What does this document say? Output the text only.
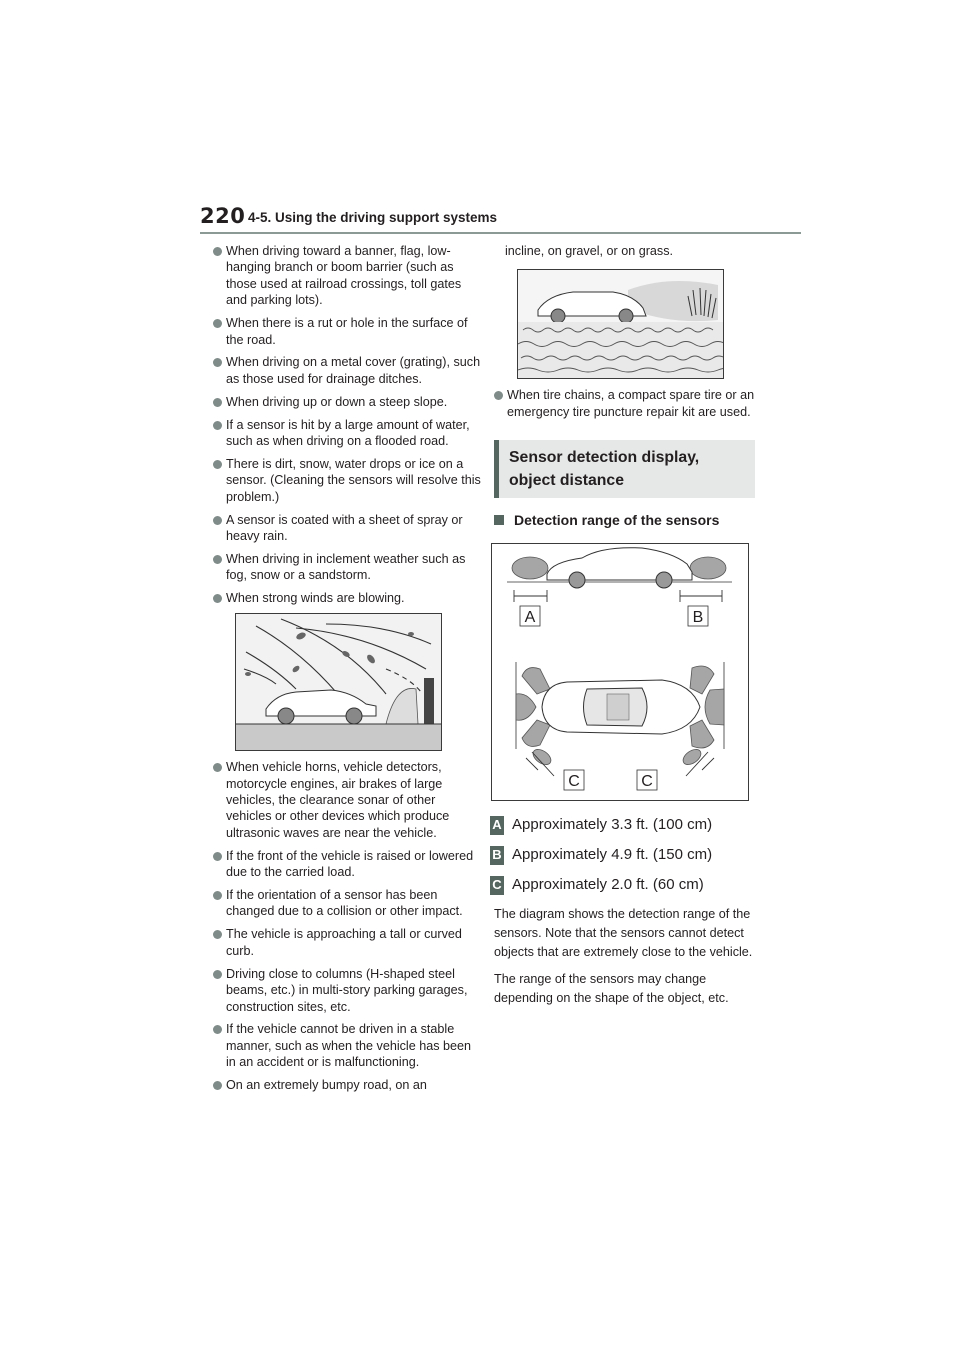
220 4-5. Using the driving support systems
When driving toward a banner, flag, low-hanging branch or boom barrier (such as those used at railroad crossings, toll gates and parking lots).
When there is a rut or hole in the surface of the road.
When driving on a metal cover (grating), such as those used for drainage ditches.
When driving up or down a steep slope.
If a sensor is hit by a large amount of water, such as when driving on a flooded road.
There is dirt, snow, water drops or ice on a sensor. (Cleaning the sensors will resolve this problem.)
A sensor is coated with a sheet of spray or heavy rain.
When driving in inclement weather such as fog, snow or a sandstorm.
When strong winds are blowing.
When vehicle horns, vehicle detectors, motorcycle engines, air brakes of large vehicles, the clearance sonar of other vehicles or other devices which produce ultrasonic waves are near the vehicle.
If the front of the vehicle is raised or lowered due to the carried load.
If the orientation of a sensor has been changed due to a collision or other impact.
The vehicle is approaching a tall or curved curb.
Driving close to columns (H-shaped steel beams, etc.) in multi-story parking garages, construction sites, etc.
If the vehicle cannot be driven in a stable manner, such as when the vehicle has been in an accident or is malfunctioning.
On an extremely bumpy road, on an
incline, on gravel, or on grass.
When tire chains, a compact spare tire or an emergency tire puncture repair kit are used.
Sensor detection display, object distance
Detection range of the sensors
A	B
C	C
A Approximately 3.3 ft. (100 cm)
B Approximately 4.9 ft. (150 cm)
C Approximately 2.0 ft. (60 cm)

The diagram shows the detection range of the sensors. Note that the sensors cannot detect objects that are extremely close to the vehicle.

The range of the sensors may change depending on the shape of the object, etc.
